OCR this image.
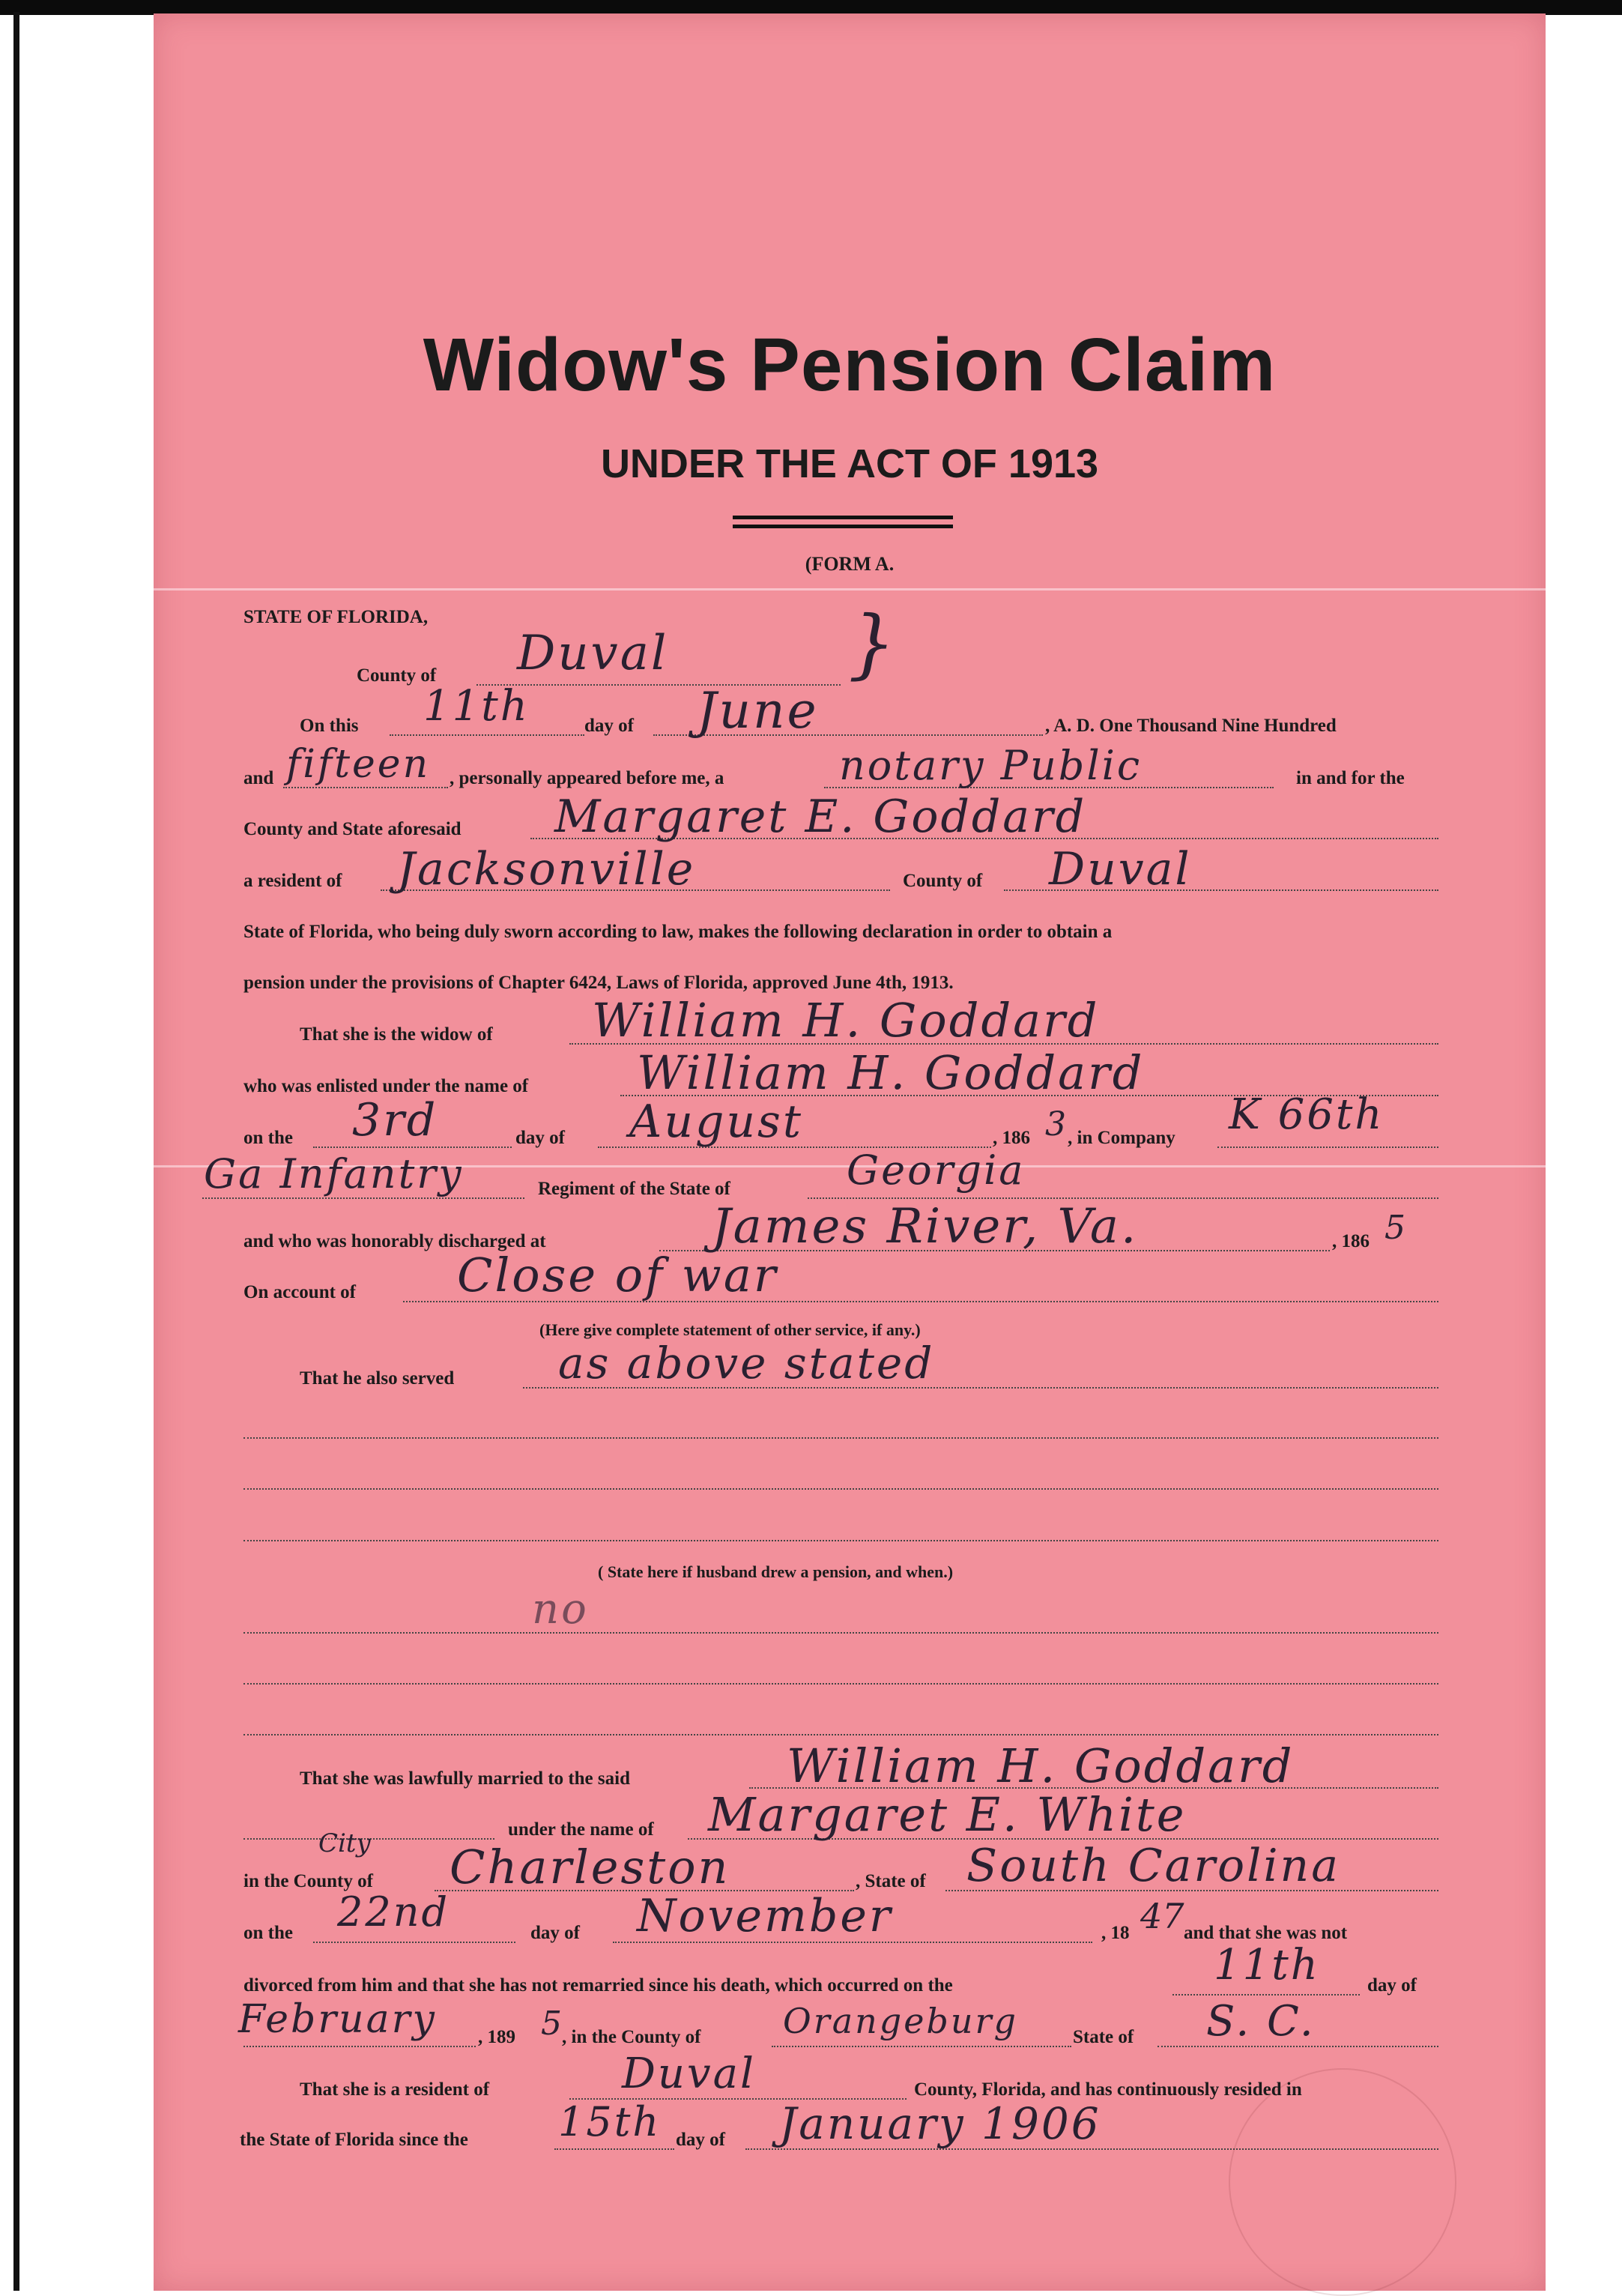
Widow's Pension Claim
UNDER THE ACT OF 1913
(FORM A.
STATE OF FLORIDA,
County of Duval }
On this 11th	day of June	, A. D. One Thousand Nine Hundred
and fifteen , personally appeared before me, a	notary Public	in and for the
County and State aforesaid Margaret E. Goddard
a resident of Jacksonville	County of Duval
State of Florida, who being duly sworn according to law, makes the following declaration in order to obtain a
pension under the provisions of Chapter 6424, Laws of Florida, approved June 4th, 1913.
That she is the widow of William H. Goddard
who was enlisted under the name of William H. Goddard
on the 3rd	day of August	, 186 3 , in Company K 66th
Ga Infantry	Regiment of the State of	Georgia
and who was honorably discharged at	James River, Va.	, 186 5
On account of Close of war
(Here give complete statement of other service, if any.)
That he also served as above stated
( State here if husband drew a pension, and when.)
no
That she was lawfully married to the said	William H. Goddard
under the name of Margaret E. White
City
in the County of Charleston	, State of South Carolina
on the 22nd	day of November	, 18 47 and that she was not
divorced from him and that she has not remarried since his death, which occurred on the	11th	day of
February , 189 5 , in the County of Orangeburg	State of S. C.
That she is a resident of	Duval	County, Florida, and has continuously resided in
the State of Florida since the 15th day of January 1906
